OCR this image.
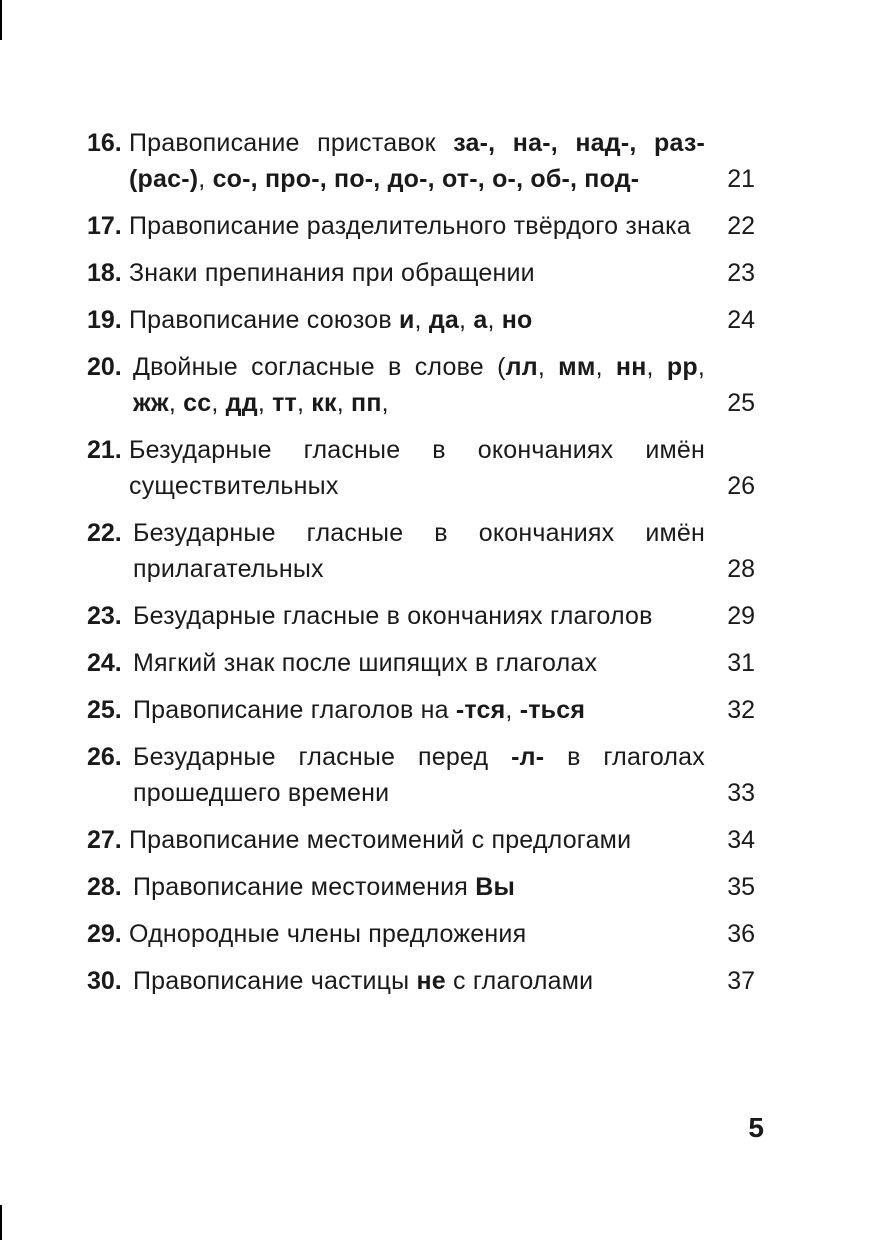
16. Правописание приставок за-, на-, над-, раз- (рас-), со-, про-, по-, до-, от-, о-, об-, под-	21
17. Правописание разделительного твёрдого знака	22
18. Знаки препинания при обращении	23
19. Правописание союзов и, да, а, но	24
20. Двойные согласные в слове (лл, мм, нн, рр, жж, сс, дд, тт, кк, пп,	25
21. Безударные гласные в окончаниях имён существительных	26
22. Безударные гласные в окончаниях имён прилагательных	28
23. Безударные гласные в окончаниях глаголов	29
24. Мягкий знак после шипящих в глаголах	31
25. Правописание глаголов на -тся, -ться	32
26. Безударные гласные перед -л- в глаголах прошедшего времени	33
27. Правописание местоимений с предлогами	34
28. Правописание местоимения Вы	35
29. Однородные члены предложения	36
30. Правописание частицы не с глаголами	37
5
